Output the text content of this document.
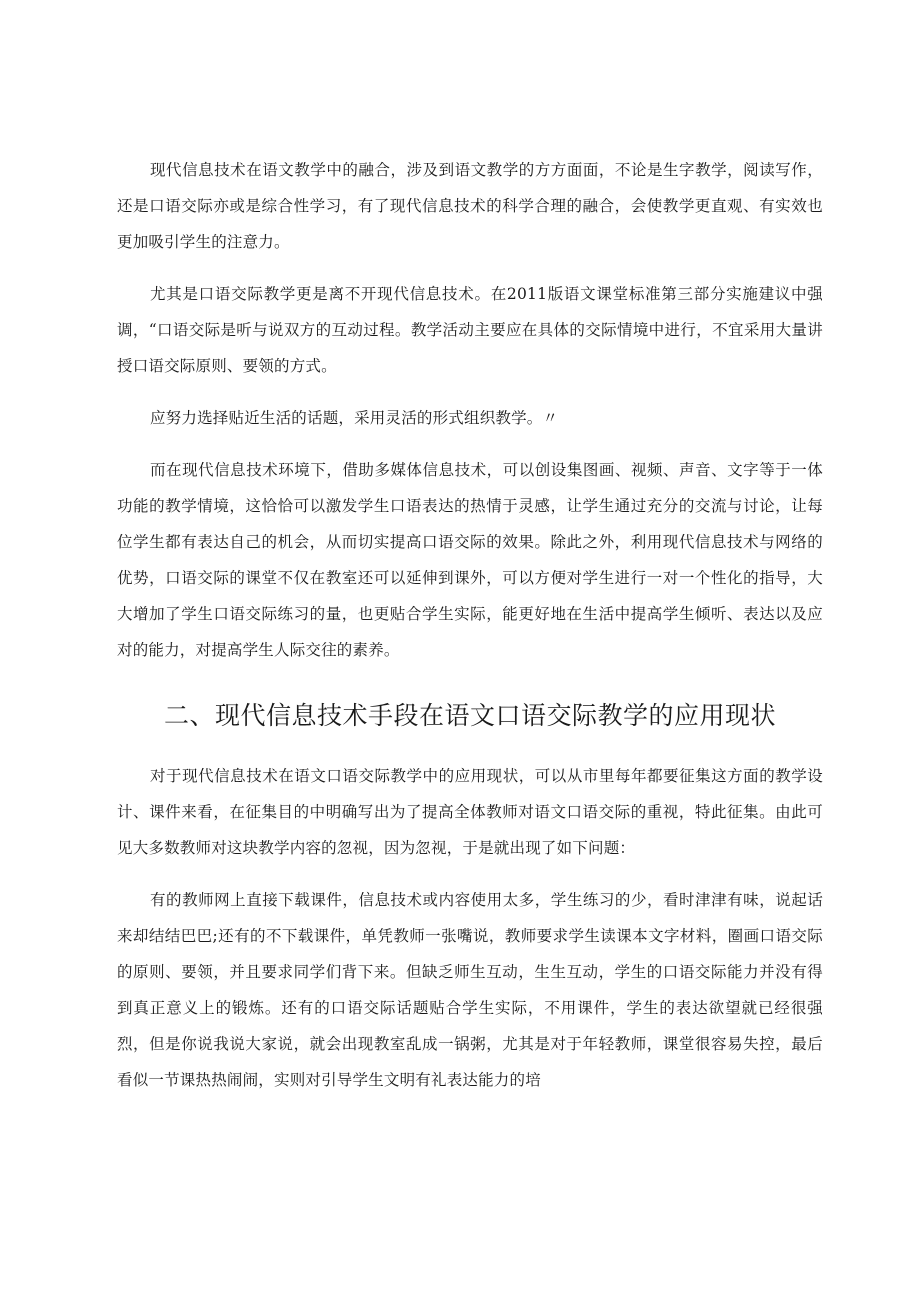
现代信息技术在语文教学中的融合，涉及到语文教学的方方面面，不论是生字教学，阅读写作，还是口语交际亦或是综合性学习，有了现代信息技术的科学合理的融合，会使教学更直观、有实效也更加吸引学生的注意力。

尤其是口语交际教学更是离不开现代信息技术。在2011版语文课堂标准第三部分实施建议中强调，“口语交际是听与说双方的互动过程。教学活动主要应在具体的交际情境中进行，不宜采用大量讲授口语交际原则、要领的方式。

应努力选择贴近生活的话题，采用灵活的形式组织教学。〃

而在现代信息技术环境下，借助多媒体信息技术，可以创设集图画、视频、声音、文字等于一体功能的教学情境，这恰恰可以激发学生口语表达的热情于灵感，让学生通过充分的交流与讨论，让每位学生都有表达自己的机会，从而切实提高口语交际的效果。除此之外，利用现代信息技术与网络的优势，口语交际的课堂不仅在教室还可以延伸到课外，可以方便对学生进行一对一个性化的指导，大大增加了学生口语交际练习的量，也更贴合学生实际，能更好地在生活中提高学生倾听、表达以及应对的能力，对提高学生人际交往的素养。

二、现代信息技术手段在语文口语交际教学的应用现状

对于现代信息技术在语文口语交际教学中的应用现状，可以从市里每年都要征集这方面的教学设计、课件来看，在征集目的中明确写出为了提高全体教师对语文口语交际的重视，特此征集。由此可见大多数教师对这块教学内容的忽视，因为忽视，于是就出现了如下问题：

有的教师网上直接下载课件，信息技术或内容使用太多，学生练习的少，看时津津有味，说起话来却结结巴巴;还有的不下载课件，单凭教师一张嘴说，教师要求学生读课本文字材料，圈画口语交际的原则、要领，并且要求同学们背下来。但缺乏师生互动，生生互动，学生的口语交际能力并没有得到真正意义上的锻炼。还有的口语交际话题贴合学生实际，不用课件，学生的表达欲望就已经很强烈，但是你说我说大家说，就会出现教室乱成一锅粥，尤其是对于年轻教师，课堂很容易失控，最后看似一节课热热闹闹，实则对引导学生文明有礼表达能力的培
